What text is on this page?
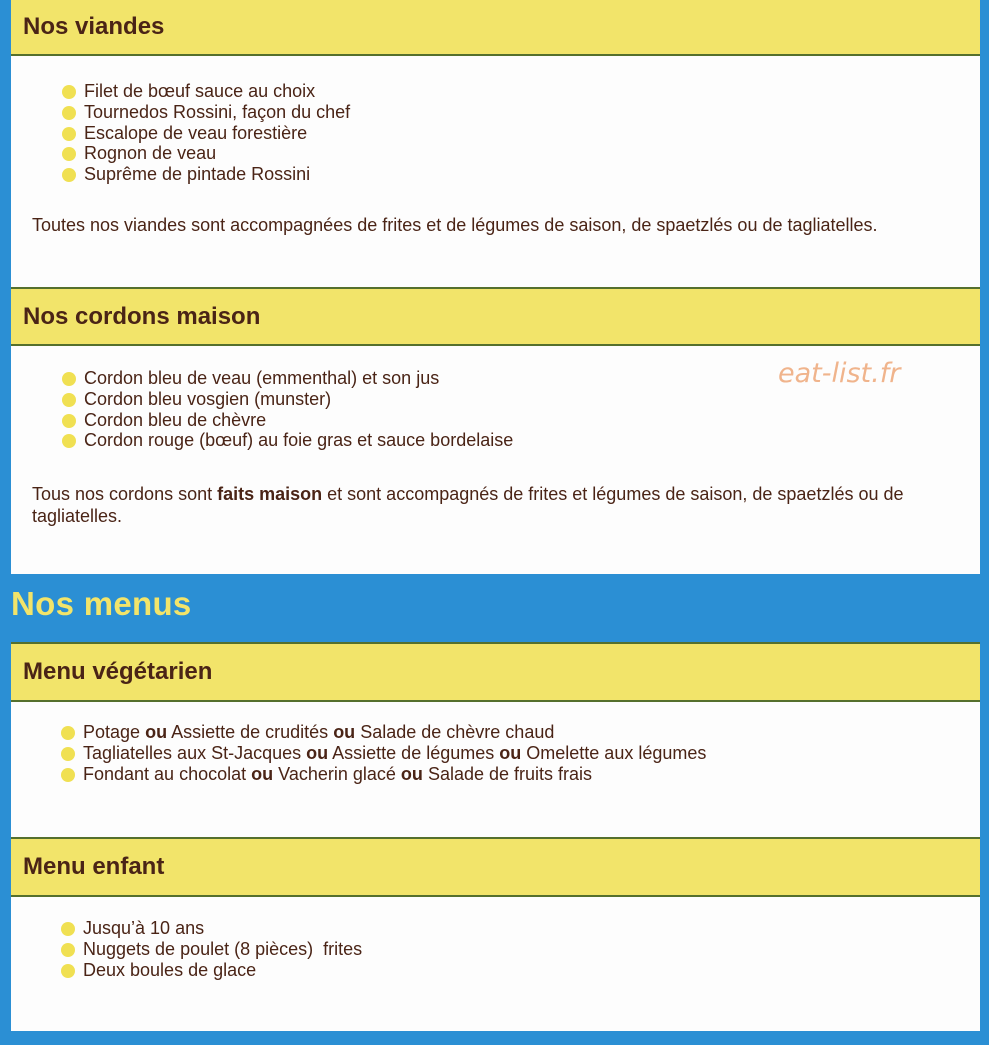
Nos viandes
Filet de bœuf sauce au choix
Tournedos Rossini, façon du chef
Escalope de veau forestière
Rognon de veau
Suprême de pintade Rossini
Toutes nos viandes sont accompagnées de frites et de légumes de saison, de spaetzlés ou de tagliatelles.
Nos cordons maison
Cordon bleu de veau (emmenthal) et son jus
Cordon bleu vosgien (munster)
Cordon bleu de chèvre
Cordon rouge (bœuf) au foie gras et sauce bordelaise
Tous nos cordons sont faits maison et sont accompagnés de frites et légumes de saison, de spaetzlés ou de tagliatelles.
eat-list.fr
Nos menus
Menu végétarien
Potage ou Assiette de crudités ou Salade de chèvre chaud
Tagliatelles aux St-Jacques ou Assiette de légumes ou Omelette aux légumes
Fondant au chocolat ou Vacherin glacé ou Salade de fruits frais
Menu enfant
Jusqu’à 10 ans
Nuggets de poulet (8 pièces)  frites
Deux boules de glace
